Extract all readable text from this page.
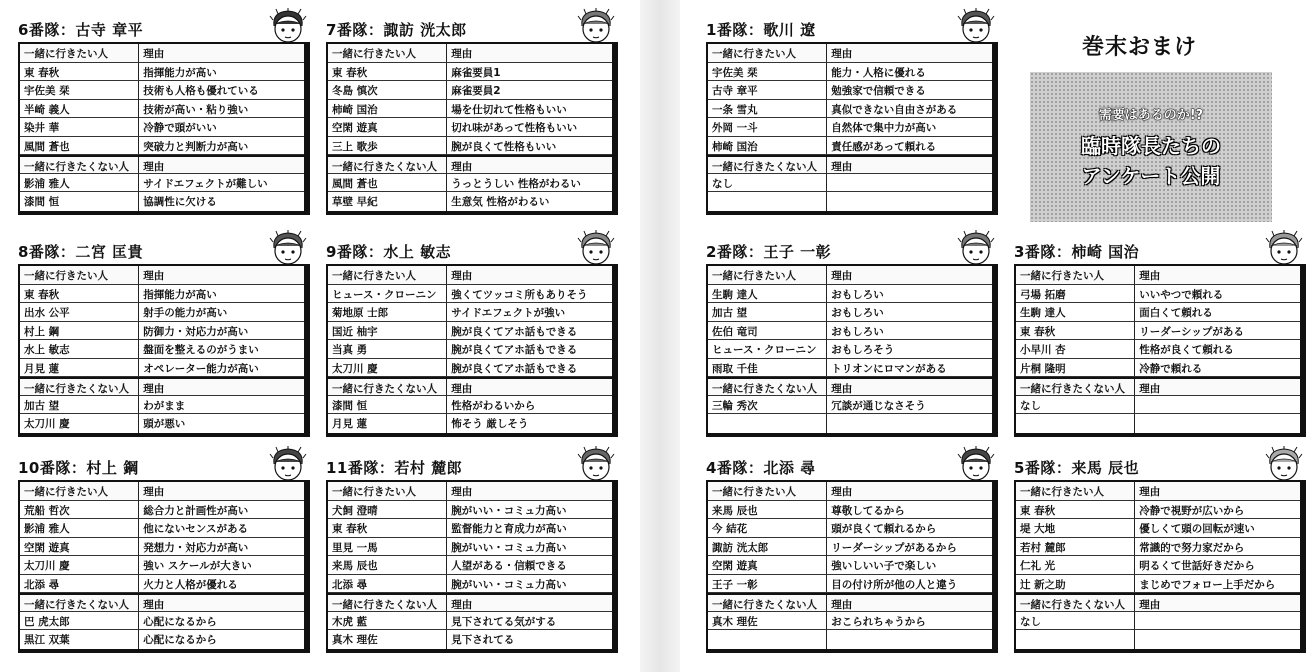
6番隊：古寺 章平
一緒に行きたい人	理由
東 春秋	指揮能力が高い
宇佐美 栞	技術も人格も優れている
半崎 義人	技術が高い・粘り強い
染井 華	冷静で頭がいい
風間 蒼也	突破力と判断力が高い
一緒に行きたくない人	理由
影浦 雅人	サイドエフェクトが難しい
漆間 恒	協調性に欠ける
7番隊：諏訪 洸太郎
一緒に行きたい人	理由
東 春秋	麻雀要員1
冬島 慎次	麻雀要員2
柿崎 国治	場を仕切れて性格もいい
空閑 遊真	切れ味があって性格もいい
三上 歌歩	腕が良くて性格もいい
一緒に行きたくない人	理由
風間 蒼也	うっとうしい 性格がわるい
草壁 早紀	生意気 性格がわるい
8番隊：二宮 匡貴
一緒に行きたい人	理由
東 春秋	指揮能力が高い
出水 公平	射手の能力が高い
村上 鋼	防御力・対応力が高い
水上 敏志	盤面を整えるのがうまい
月見 蓮	オペレーター能力が高い
一緒に行きたくない人	理由
加古 望	わがまま
太刀川 慶	頭が悪い
9番隊：水上 敏志
一緒に行きたい人	理由
ヒュース・クローニン	強くてツッコミ所もありそう
菊地原 士郎	サイドエフェクトが強い
国近 柚宇	腕が良くてアホ話もできる
当真 勇	腕が良くてアホ話もできる
太刀川 慶	腕が良くてアホ話もできる
一緒に行きたくない人	理由
漆間 恒	性格がわるいから
月見 蓮	怖そう 厳しそう
10番隊：村上 鋼
一緒に行きたい人	理由
荒船 哲次	総合力と計画性が高い
影浦 雅人	他にないセンスがある
空閑 遊真	発想力・対応力が高い
太刀川 慶	強い スケールが大きい
北添 尋	火力と人格が優れる
一緒に行きたくない人	理由
巴 虎太郎	心配になるから
黒江 双葉	心配になるから
11番隊：若村 麓郎
一緒に行きたい人	理由
犬飼 澄晴	腕がいい・コミュ力高い
東 春秋	監督能力と育成力が高い
里見 一馬	腕がいい・コミュ力高い
来馬 辰也	人望がある・信頼できる
北添 尋	腕がいい・コミュ力高い
一緒に行きたくない人	理由
木虎 藍	見下されてる気がする
真木 理佐	見下されてる
1番隊：歌川 遼
一緒に行きたい人	理由
宇佐美 栞	能力・人格に優れる
古寺 章平	勉強家で信頼できる
一条 雪丸	真似できない自由さがある
外岡 一斗	自然体で集中力が高い
柿崎 国治	責任感があって頼れる
一緒に行きたくない人	理由
なし
2番隊：王子 一彰
一緒に行きたい人	理由
生駒 達人	おもしろい
加古 望	おもしろい
佐伯 竜司	おもしろい
ヒュース・クローニン	おもしろそう
雨取 千佳	トリオンにロマンがある
一緒に行きたくない人	理由
三輪 秀次	冗談が通じなさそう
3番隊：柿崎 国治
一緒に行きたい人	理由
弓場 拓磨	いいやつで頼れる
生駒 達人	面白くて頼れる
東 春秋	リーダーシップがある
小早川 杏	性格が良くて頼れる
片桐 隆明	冷静で頼れる
一緒に行きたくない人	理由
なし
4番隊：北添 尋
一緒に行きたい人	理由
来馬 辰也	尊敬してるから
今 結花	頭が良くて頼れるから
諏訪 洸太郎	リーダーシップがあるから
空閑 遊真	強いしいい子で楽しい
王子 一彰	目の付け所が他の人と違う
一緒に行きたくない人	理由
真木 理佐	おこられちゃうから
5番隊：来馬 辰也
一緒に行きたい人	理由
東 春秋	冷静で視野が広いから
堤 大地	優しくて頭の回転が速い
若村 麓郎	常識的で努力家だから
仁礼 光	明るくて世話好きだから
辻 新之助	まじめでフォロー上手だから
一緒に行きたくない人	理由
なし
巻末おまけ
需要はあるのか!?
臨時隊長たちの
アンケート公開
